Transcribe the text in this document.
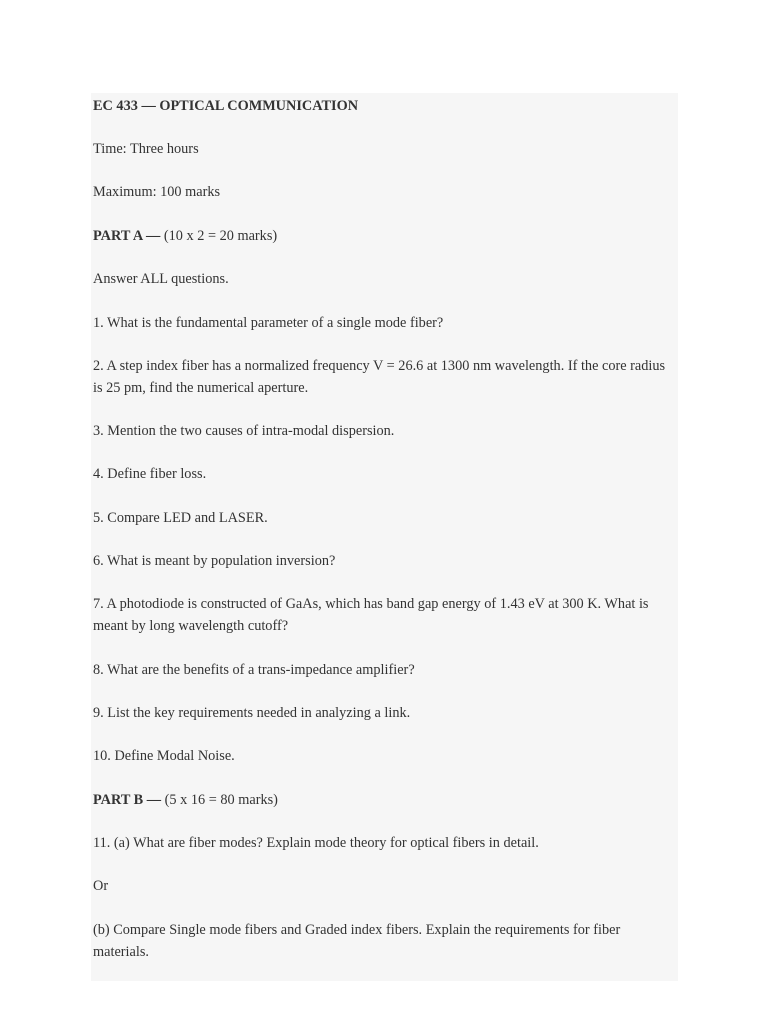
EC 433 — OPTICAL COMMUNICATION

Time: Three hours

Maximum: 100 marks

PART A — (10 x 2 = 20 marks)

Answer ALL questions.

1. What is the fundamental parameter of a single mode fiber?

2. A step index fiber has a normalized frequency V = 26.6 at 1300 nm wavelength. If the core radius is 25 pm, find the numerical aperture.

3. Mention the two causes of intra-modal dispersion.

4. Define fiber loss.

5. Compare LED and LASER.

6. What is meant by population inversion?

7. A photodiode is constructed of GaAs, which has band gap energy of 1.43 eV at 300 K. What is meant by long wavelength cutoff?

8. What are the benefits of a trans-impedance amplifier?

9. List the key requirements needed in analyzing a link.

10. Define Modal Noise.

PART B — (5 x 16 = 80 marks)

11. (a) What are fiber modes? Explain mode theory for optical fibers in detail.

Or

(b) Compare Single mode fibers and Graded index fibers. Explain the requirements for fiber materials.
